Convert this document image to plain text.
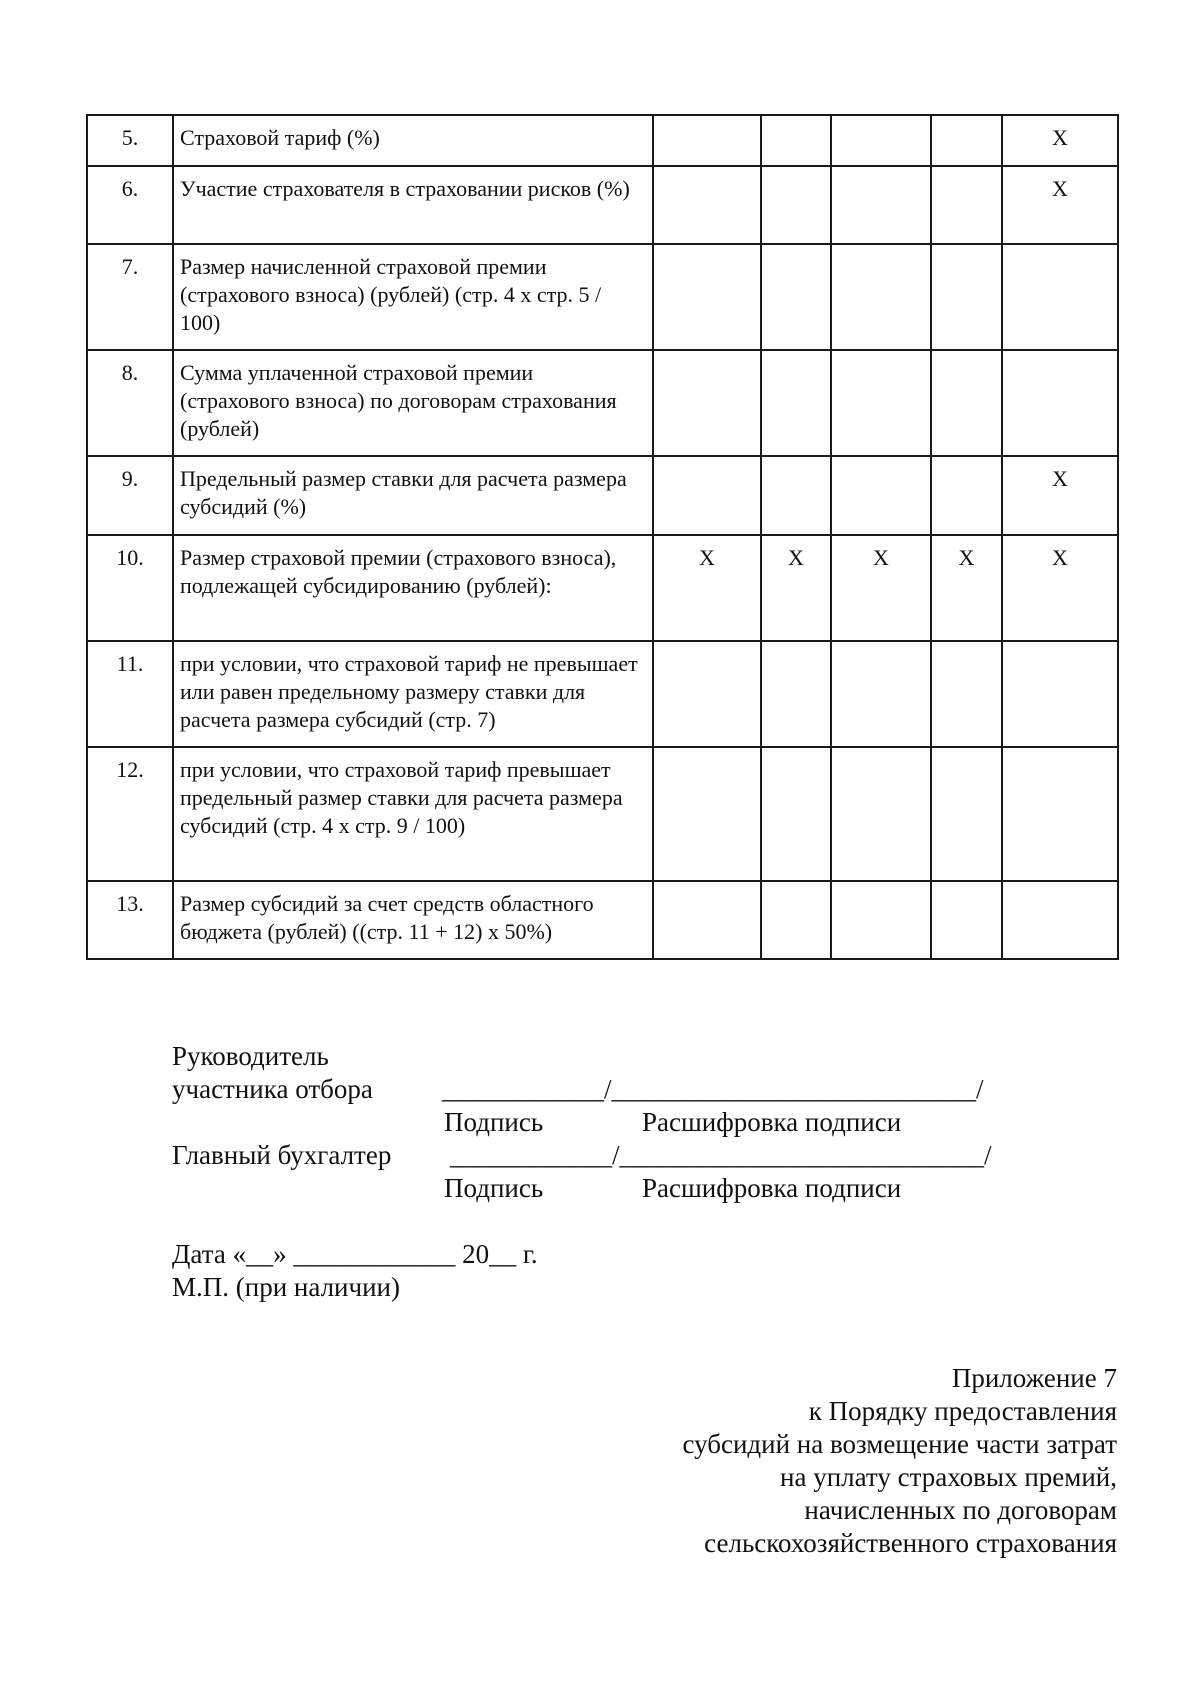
5.	Страховой тариф (%)					X
6.	Участие страхователя в страховании рисков (%)					X
7.	Размер начисленной страховой премии (страхового взноса) (рублей) (стр. 4 х стр. 5 / 100)					
8.	Сумма уплаченной страховой премии (страхового взноса) по договорам страхования (рублей)					
9.	Предельный размер ставки для расчета размера субсидий (%)					X
10.	Размер страховой премии (страхового взноса), подлежащей субсидированию (рублей):	X	X	X	X	X
11.	при условии, что страховой тариф не превышает или равен предельному размеру ставки для расчета размера субсидий (стр. 7)					
12.	при условии, что страховой тариф превышает предельный размер ставки для расчета размера субсидий (стр. 4 х стр. 9 / 100)					
13.	Размер субсидий за счет средств областного бюджета (рублей) ((стр. 11 + 12) х 50%)					
Руководитель
участника отбора	____________/___________________________/
Подпись	Расшифровка подписи
Главный бухгалтер ____________/___________________________/
Подпись	Расшифровка подписи
Дата «__» ____________ 20__ г.
М.П. (при наличии)
Приложение 7
к Порядку предоставления
субсидий на возмещение части затрат
на уплату страховых премий,
начисленных по договорам
сельскохозяйственного страхования
